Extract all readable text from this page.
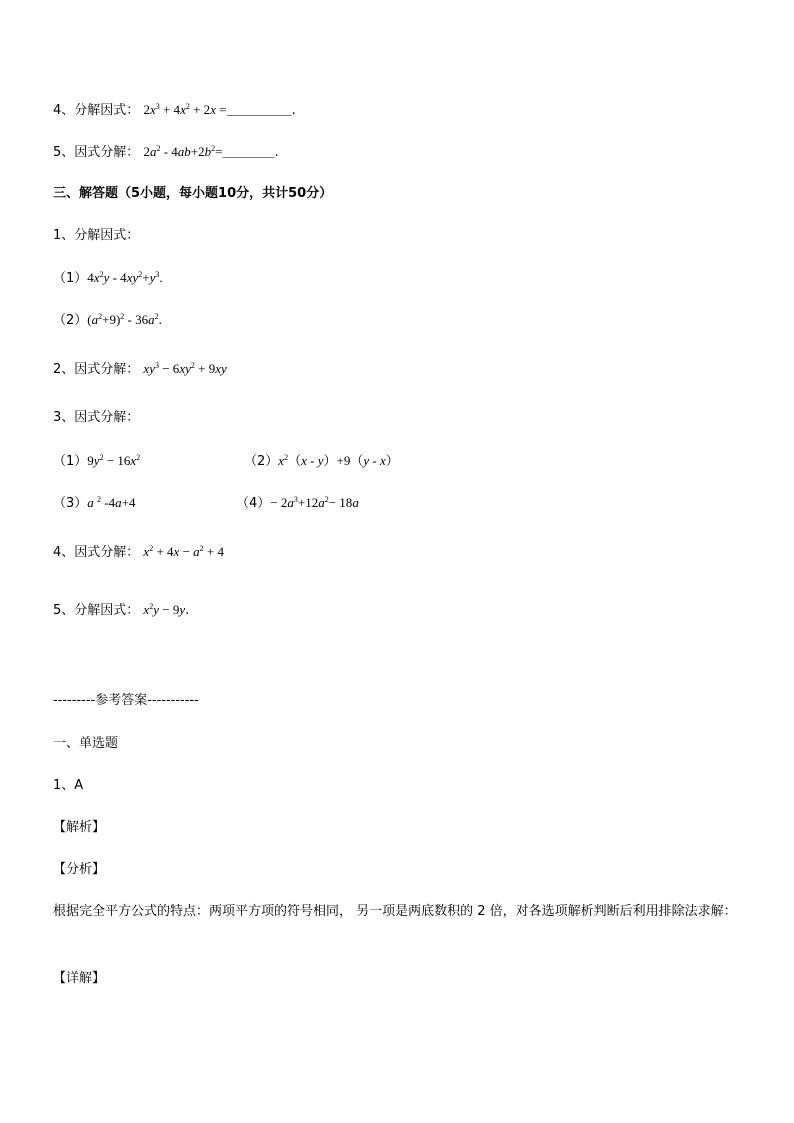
4、分解因式： $2x^3 + 4x^2 + 2x$ =＿＿＿＿＿.
5、因式分解： $2a^2$ - $4ab+2b^2=\_\_\_\_$.
三、解答题（5小题，每小题10分，共计50分）
1、分解因式：
$(1)4x^2y - 4xy^2+y^3$.
$(2)(a^2+9)^2 - 36a^2$.
2、因式分解： $xy^3 - 6xy^2 + 9xy$
3、因式分解：
$(1)9y^2 - 16x^2$	$(2)x^2(x - y)+9(y - x)$
（3）a $^2$ -4a+4	$(4)- 2a^3+12a^2- 18a$
4、因式分解： $x^2 + 4x - a^2 + 4$
5、分解因式： $x^2y - 9y$.
---------参考答案-----------
一、单选题
1、A
【解析】
【分析】
根据完全平方公式的特点：两项平方项的符号相同， 另一项是两底数积的 2 倍，对各选项解析判断后利用排除法求解：
【详解】
